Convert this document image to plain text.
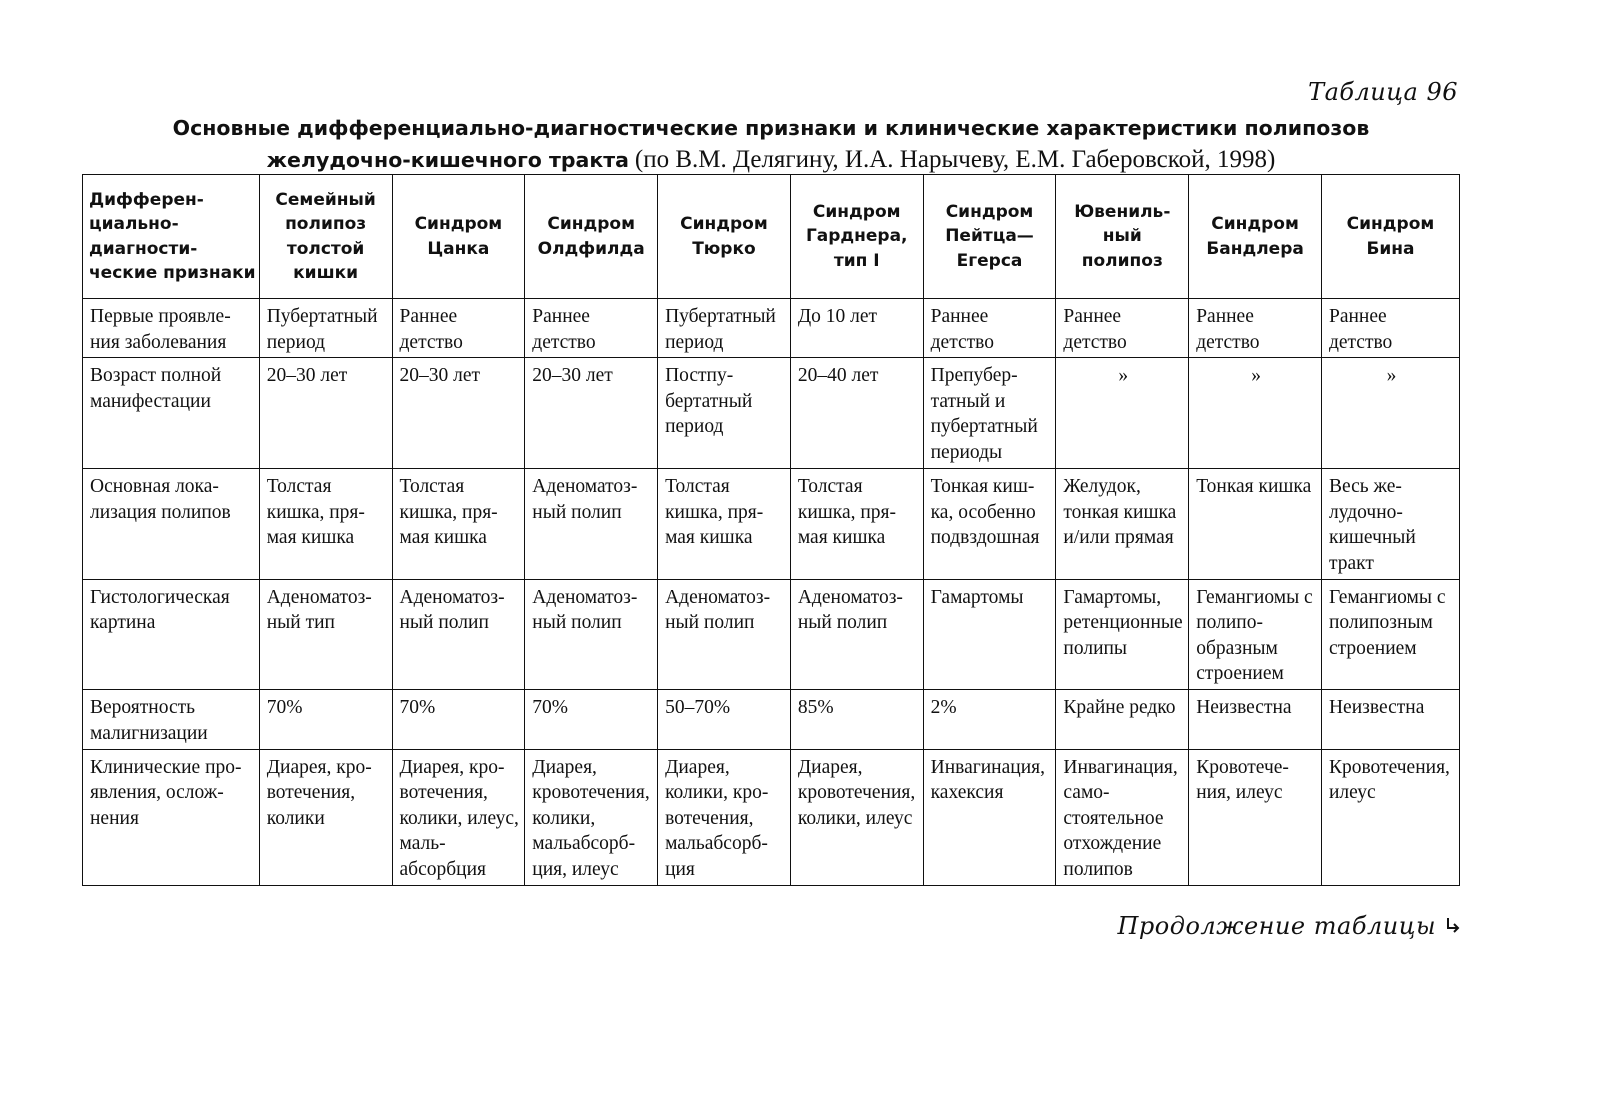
Таблица 96
Основные дифференциально-диагностические признаки и клинические характеристики полипозов
желудочно-кишечного тракта (по В.М. Делягину, И.А. Нарычеву, Е.М. Габеровской, 1998)
Дифференциально-диагностические признаки	Семейный полипоз толстой кишки	Синдром Цанка	Синдром Олдфилда	Синдром Тюрко	Синдром Гарднера, тип I	Синдром Пейтца— Егерса	Ювенильный полипоз	Синдром Бандлера	Синдром Бина
Первые проявления заболевания	Пубертатный период	Раннее детство	Раннее детство	Пубертатный период	До 10 лет	Раннее детство	Раннее детство	Раннее детство	Раннее детство
Возраст полной манифестации	20–30 лет	20–30 лет	20–30 лет	Постпубертатный период	20–40 лет	Препубертатный и пубертатный периоды	»	»	»
Основная локализация полипов	Толстая кишка, прямая кишка	Толстая кишка, прямая кишка	Аденоматозный полип	Толстая кишка, прямая кишка	Толстая кишка, прямая кишка	Тонкая кишка, особенно подвздошная	Желудок, тонкая кишка и/или прямая	Тонкая кишка	Весь желудочно-кишечный тракт
Гистологическая картина	Аденоматозный тип	Аденоматозный полип	Аденоматозный полип	Аденоматозный полип	Аденоматозный полип	Гамартомы	Гамартомы, ретенционные полипы	Гемангиомы с полипообразным строением	Гемангиомы с полипозным строением
Вероятность малигнизации	70%	70%	70%	50–70%	85%	2%	Крайне редко	Неизвестна	Неизвестна
Клинические проявления, осложнения	Диарея, кровотечения, колики	Диарея, кровотечения, колики, илеус, мальабсорбция	Диарея, кровотечения, колики, мальабсорбция, илеус	Диарея, колики, кровотечения, мальабсорбция	Диарея, кровотечения, колики, илеус	Инвагинация, кахексия	Инвагинация, самостоятельное отхождение полипов	Кровотечения, илеус	Кровотечения, илеус
Продолжение таблицы
